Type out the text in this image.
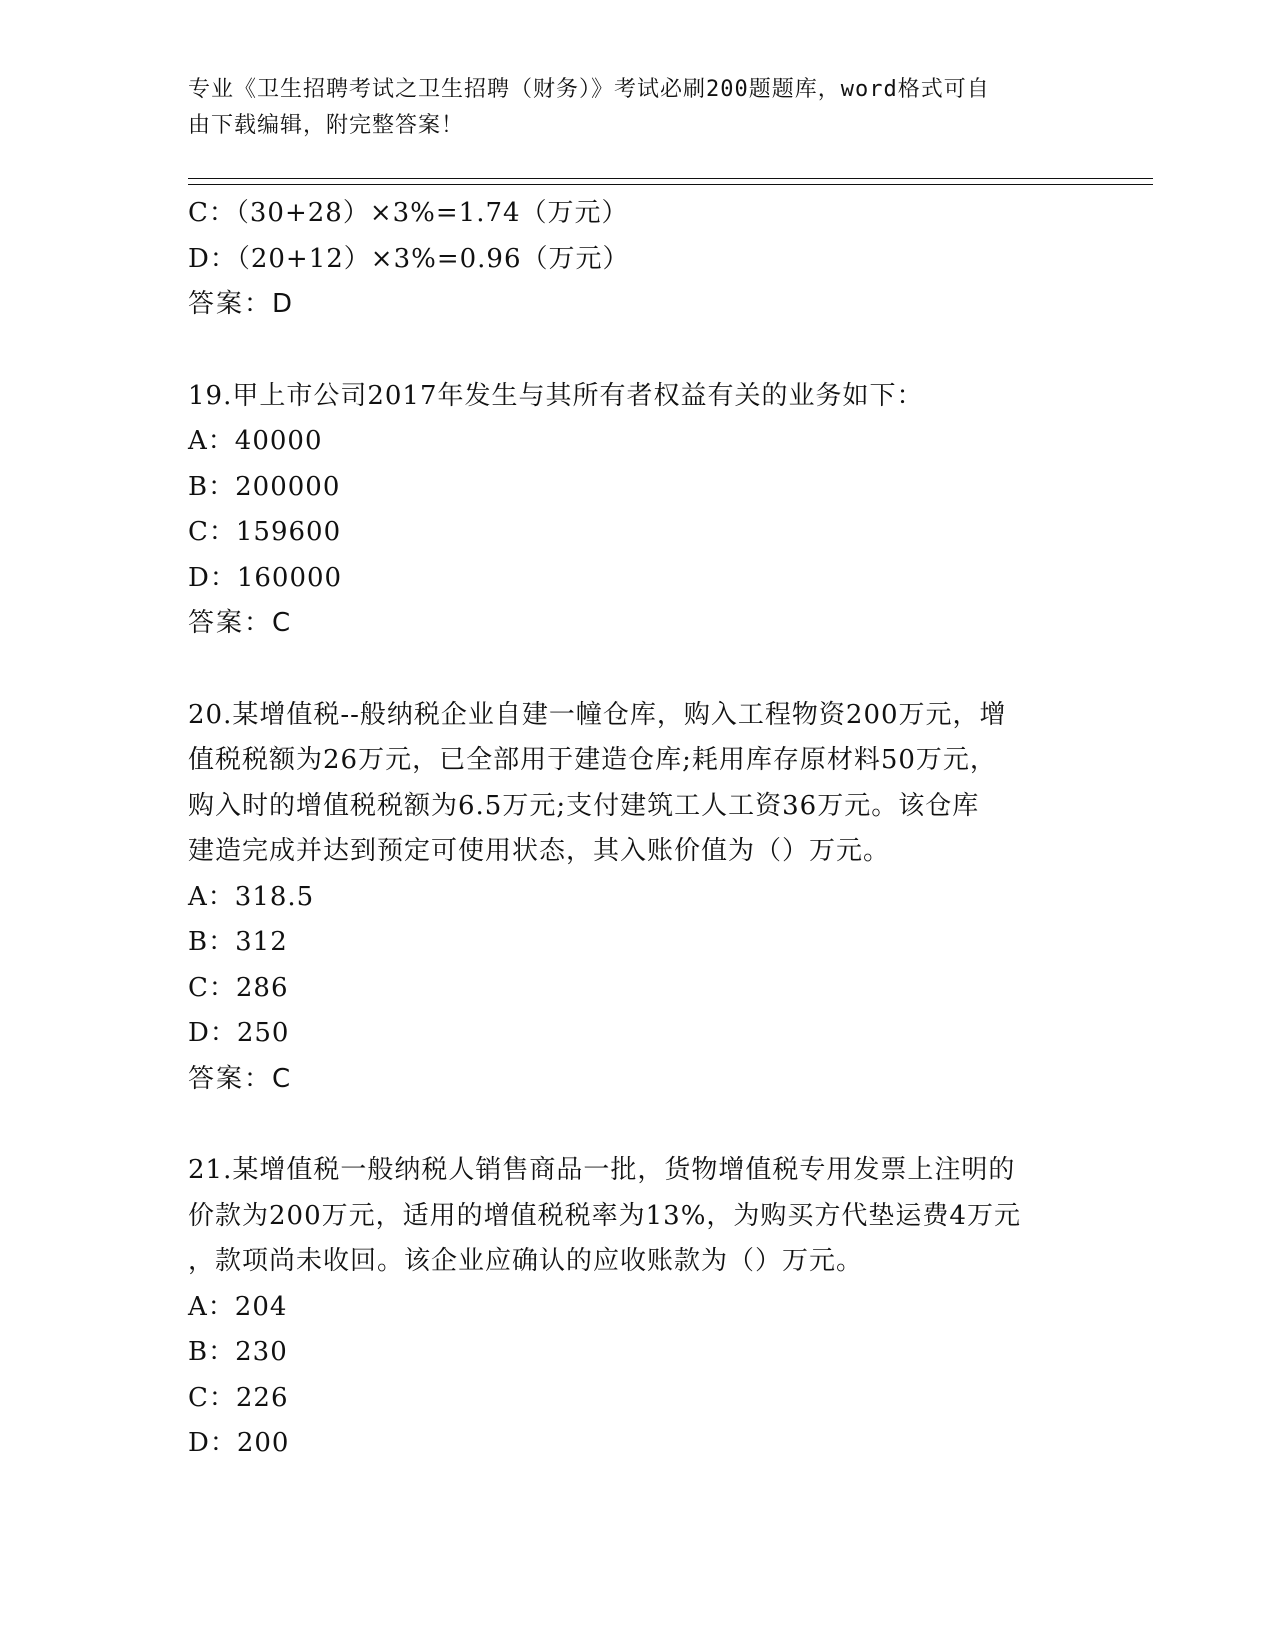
专业《卫生招聘考试之卫生招聘（财务）》考试必刷200题题库，word格式可自
由下载编辑，附完整答案！
C：（30+28）×3%=1.74（万元）
D：（20+12）×3%=0.96（万元）
答案：D
19.甲上市公司2017年发生与其所有者权益有关的业务如下：
A：40000
B：200000
C：159600
D：160000
答案：C
20.某增值税--般纳税企业自建一幢仓库，购入工程物资200万元，增
值税税额为26万元，已全部用于建造仓库;耗用库存原材料50万元，
购入时的增值税税额为6.5万元;支付建筑工人工资36万元。该仓库
建造完成并达到预定可使用状态，其入账价值为（）万元。
A：318.5
B：312
C：286
D：250
答案：C
21.某增值税一般纳税人销售商品一批，货物增值税专用发票上注明的
价款为200万元，适用的增值税税率为13%，为购买方代垫运费4万元
，款项尚未收回。该企业应确认的应收账款为（）万元。
A：204
B：230
C：226
D：200
